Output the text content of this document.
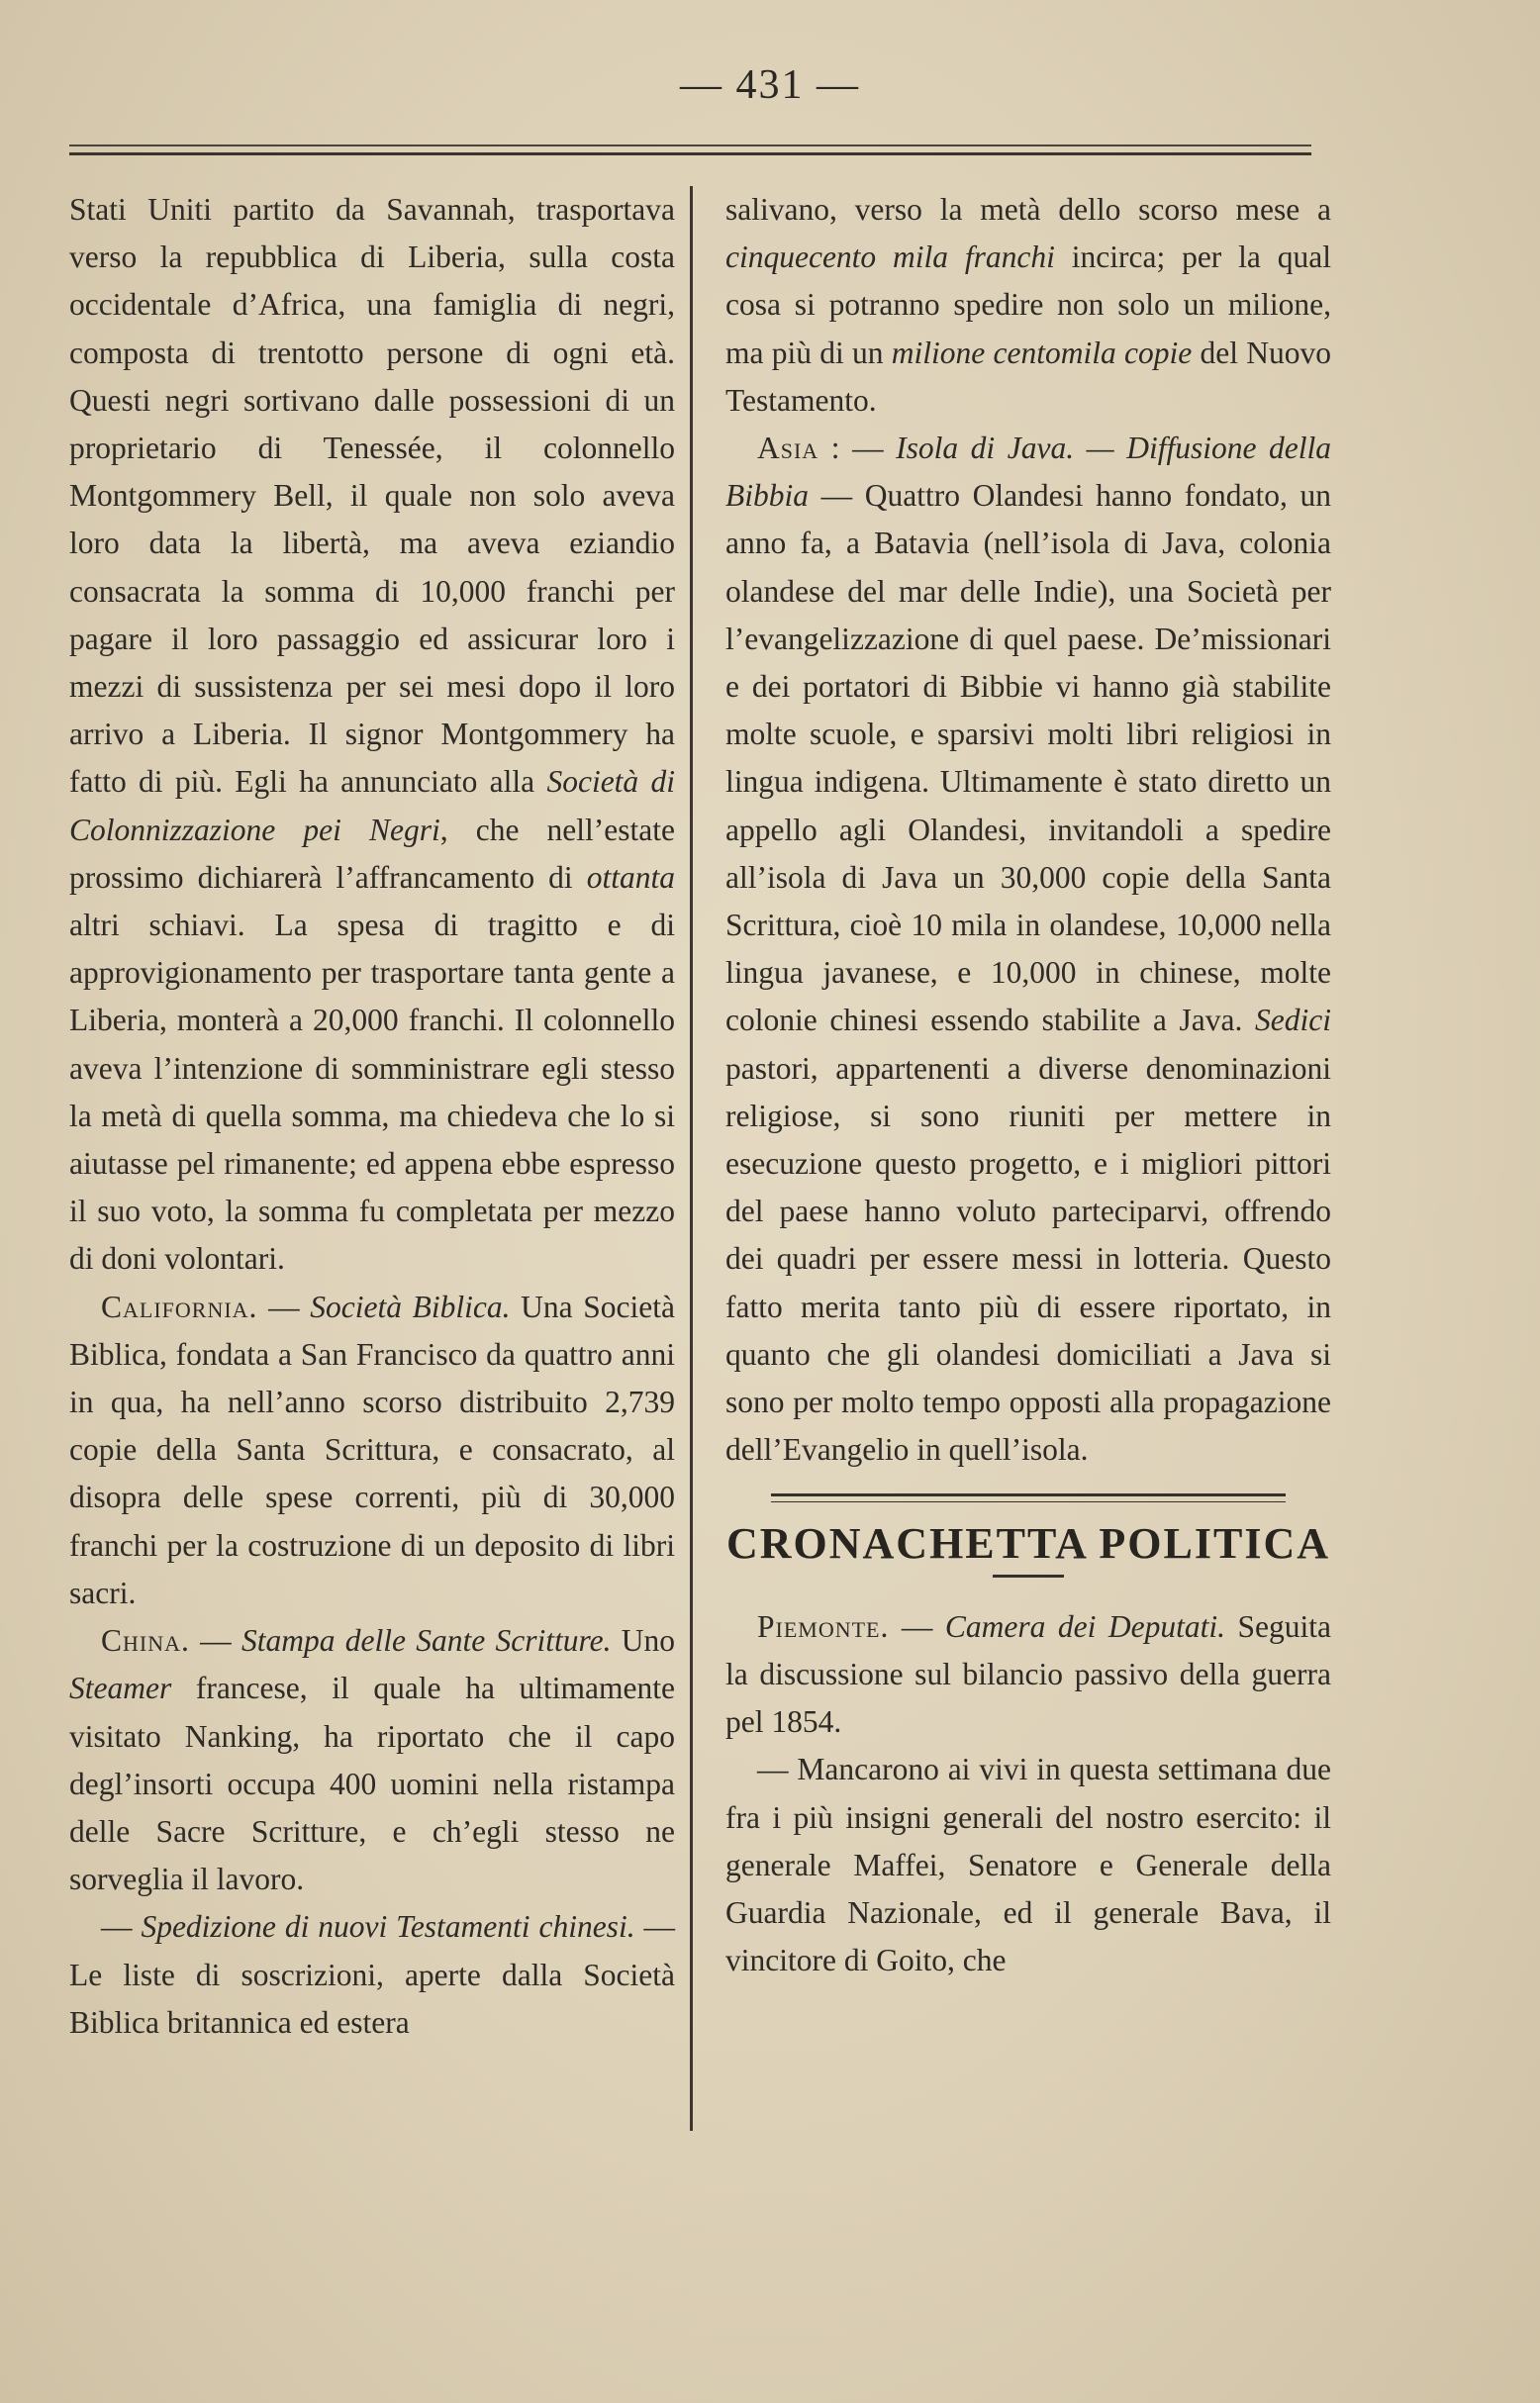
— 431 —

Stati Uniti partito da Savannah, trasportava verso la repubblica di Liberia, sulla costa occidentale d’Africa, una famiglia di negri, composta di trentotto persone di ogni età. Questi negri sortivano dalle possessioni di un proprietario di Tenessée, il colonnello Montgommery Bell, il quale non solo aveva loro data la libertà, ma aveva eziandio consacrata la somma di 10,000 franchi per pagare il loro passaggio ed assicurar loro i mezzi di sussistenza per sei mesi dopo il loro arrivo a Liberia. Il signor Montgommery ha fatto di più. Egli ha annunciato alla Società di Colonnizzazione pei Negri, che nell’estate prossimo dichiarerà l’affrancamento di ottanta altri schiavi. La spesa di tragitto e di approvigionamento per trasportare tanta gente a Liberia, monterà a 20,000 franchi. Il colonnello aveva l’intenzione di somministrare egli stesso la metà di quella somma, ma chiedeva che lo si aiutasse pel rimanente; ed appena ebbe espresso il suo voto, la somma fu completata per mezzo di doni volontari.

California. — Società Biblica. Una Società Biblica, fondata a San Francisco da quattro anni in qua, ha nell’anno scorso distribuito 2,739 copie della Santa Scrittura, e consacrato, al disopra delle spese correnti, più di 30,000 franchi per la costruzione di un deposito di libri sacri.

China. — Stampa delle Sante Scritture. Uno Steamer francese, il quale ha ultimamente visitato Nanking, ha riportato che il capo degl’insorti occupa 400 uomini nella ristampa delle Sacre Scritture, e ch’egli stesso ne sorveglia il lavoro.

— Spedizione di nuovi Testamenti chinesi. — Le liste di soscrizioni, aperte dalla Società Biblica britannica ed estera

salivano, verso la metà dello scorso mese a cinquecento mila franchi incirca; per la qual cosa si potranno spedire non solo un milione, ma più di un milione centomila copie del Nuovo Testamento.

Asia : — Isola di Java. — Diffusione della Bibbia — Quattro Olandesi hanno fondato, un anno fa, a Batavia (nell’isola di Java, colonia olandese del mar delle Indie), una Società per l’evangelizzazione di quel paese. De’missionari e dei portatori di Bibbie vi hanno già stabilite molte scuole, e sparsivi molti libri religiosi in lingua indigena. Ultimamente è stato diretto un appello agli Olandesi, invitandoli a spedire all’isola di Java un 30,000 copie della Santa Scrittura, cioè 10 mila in olandese, 10,000 nella lingua javanese, e 10,000 in chinese, molte colonie chinesi essendo stabilite a Java. Sedici pastori, appartenenti a diverse denominazioni religiose, si sono riuniti per mettere in esecuzione questo progetto, e i migliori pittori del paese hanno voluto parteciparvi, offrendo dei quadri per essere messi in lotteria. Questo fatto merita tanto più di essere riportato, in quanto che gli olandesi domiciliati a Java si sono per molto tempo opposti alla propagazione dell’Evangelio in quell’isola.

CRONACHETTA POLITICA

Piemonte. — Camera dei Deputati. Seguita la discussione sul bilancio passivo della guerra pel 1854.

— Mancarono ai vivi in questa settimana due fra i più insigni generali del nostro esercito: il generale Maffei, Senatore e Generale della Guardia Nazionale, ed il generale Bava, il vincitore di Goito, che
